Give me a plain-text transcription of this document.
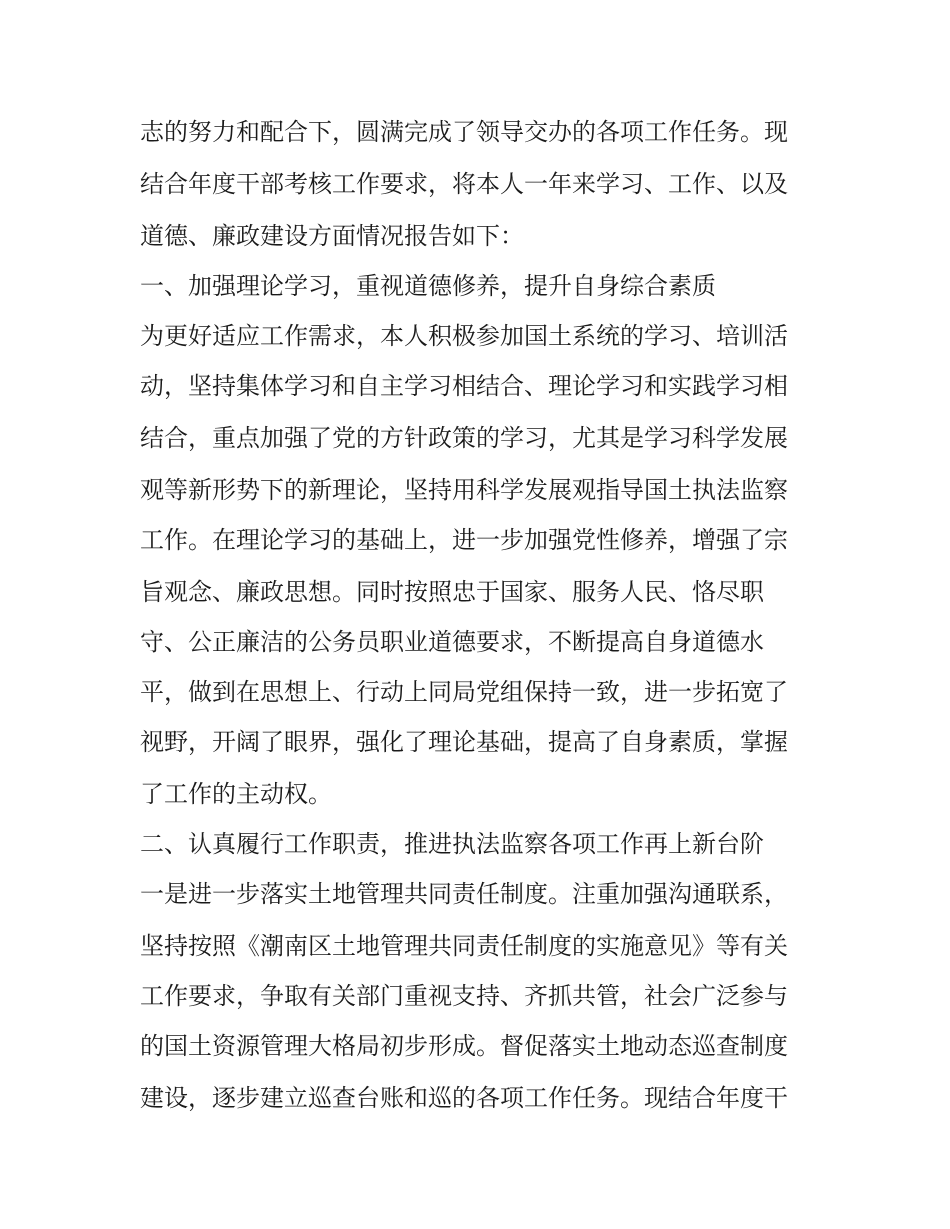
志的努力和配合下，圆满完成了领导交办的各项工作任务。现
结合年度干部考核工作要求，将本人一年来学习、工作、以及
道德、廉政建设方面情况报告如下：
一、加强理论学习，重视道德修养，提升自身综合素质
为更好适应工作需求，本人积极参加国土系统的学习、培训活
动，坚持集体学习和自主学习相结合、理论学习和实践学习相
结合，重点加强了党的方针政策的学习，尤其是学习科学发展
观等新形势下的新理论，坚持用科学发展观指导国土执法监察
工作。在理论学习的基础上，进一步加强党性修养，增强了宗
旨观念、廉政思想。同时按照忠于国家、服务人民、恪尽职
守、公正廉洁的公务员职业道德要求，不断提高自身道德水
平，做到在思想上、行动上同局党组保持一致，进一步拓宽了
视野，开阔了眼界，强化了理论基础，提高了自身素质，掌握
了工作的主动权。
二、认真履行工作职责，推进执法监察各项工作再上新台阶
一是进一步落实土地管理共同责任制度。注重加强沟通联系，
坚持按照《潮南区土地管理共同责任制度的实施意见》等有关
工作要求，争取有关部门重视支持、齐抓共管，社会广泛参与
的国土资源管理大格局初步形成。督促落实土地动态巡查制度
建设，逐步建立巡查台账和巡的各项工作任务。现结合年度干
